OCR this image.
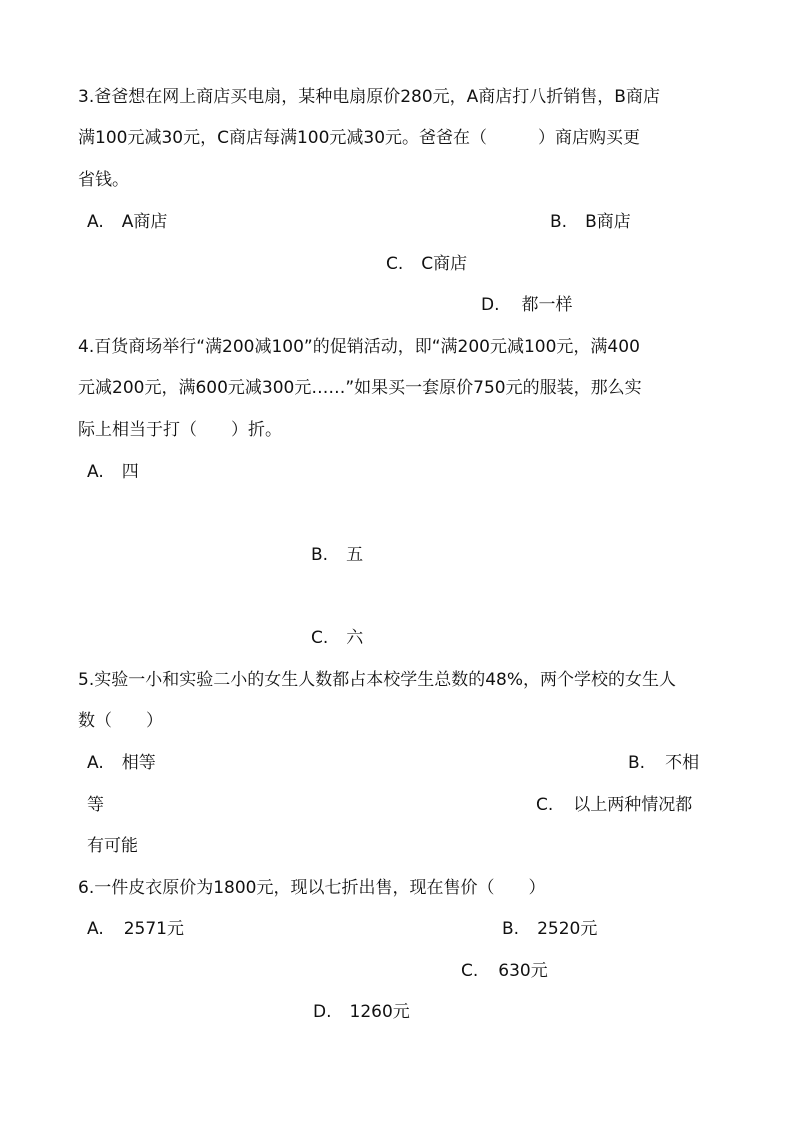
3.爸爸想在网上商店买电扇，某种电扇原价280元，A商店打八折销售，B商店
满100元减30元，C商店每满100元减30元。爸爸在（　　　）商店购买更
省钱。
A. A商店	B. B商店
C. C商店
D. 都一样
4.百货商场举行“满200减100”的促销活动，即“满200元减100元，满400
元减200元，满600元减300元……”如果买一套原价750元的服装，那么实
际上相当于打（　　）折。
A. 四
B. 五
C. 六
5.实验一小和实验二小的女生人数都占本校学生总数的48%，两个学校的女生人
数（　　）
A. 相等	B. 不相
等	C. 以上两种情况都
有可能
6.一件皮衣原价为1800元，现以七折出售，现在售价（　　）
A. 2571元	B. 2520元
C. 630元
D. 1260元
